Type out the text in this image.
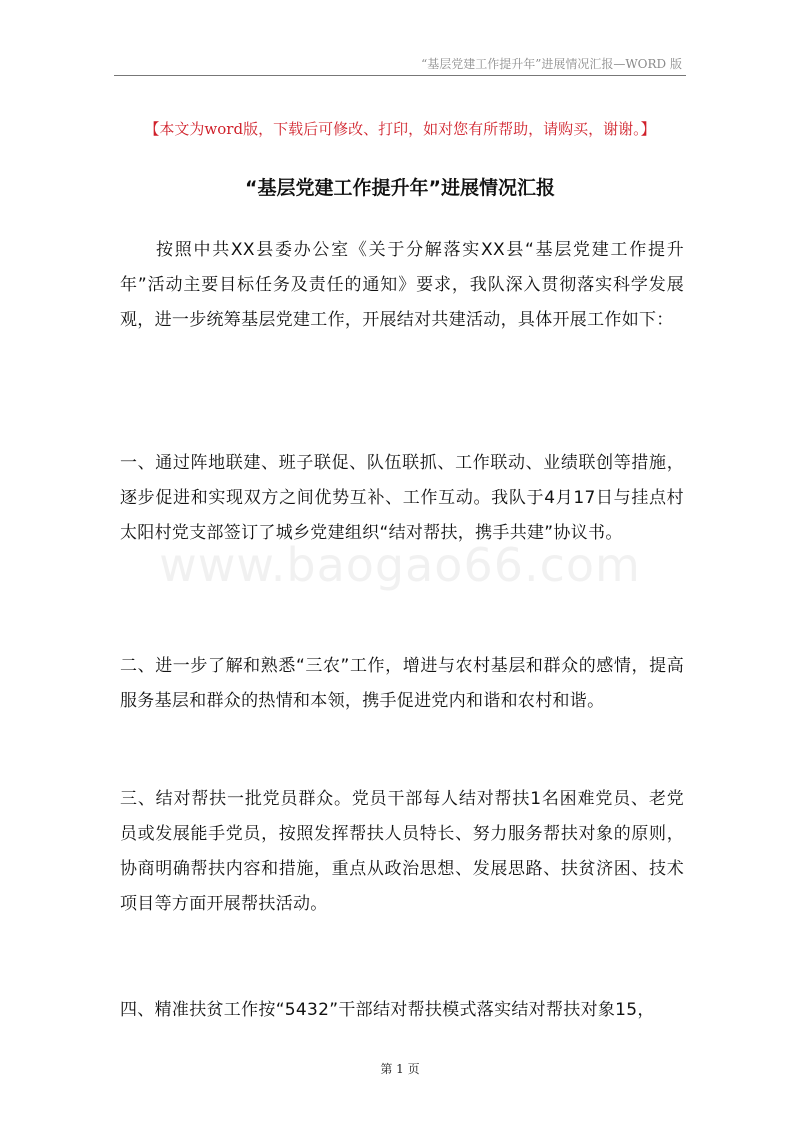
“基层党建工作提升年”进展情况汇报—WORD 版
【本文为word版，下载后可修改、打印，如对您有所帮助，请购买，谢谢。】
“基层党建工作提升年”进展情况汇报
www.baogao66.com
按照中共XX县委办公室《关于分解落实XX县“基层党建工作提升年”活动主要目标任务及责任的通知》要求，我队深入贯彻落实科学发展观，进一步统筹基层党建工作，开展结对共建活动，具体开展工作如下：
一、通过阵地联建、班子联促、队伍联抓、工作联动、业绩联创等措施，逐步促进和实现双方之间优势互补、工作互动。我队于4月17日与挂点村太阳村党支部签订了城乡党建组织“结对帮扶，携手共建”协议书。
二、进一步了解和熟悉“三农”工作，增进与农村基层和群众的感情，提高服务基层和群众的热情和本领，携手促进党内和谐和农村和谐。
三、结对帮扶一批党员群众。党员干部每人结对帮扶1名困难党员、老党员或发展能手党员，按照发挥帮扶人员特长、努力服务帮扶对象的原则，协商明确帮扶内容和措施，重点从政治思想、发展思路、扶贫济困、技术项目等方面开展帮扶活动。
四、精准扶贫工作按“5432”干部结对帮扶模式落实结对帮扶对象15，
第 1 页
